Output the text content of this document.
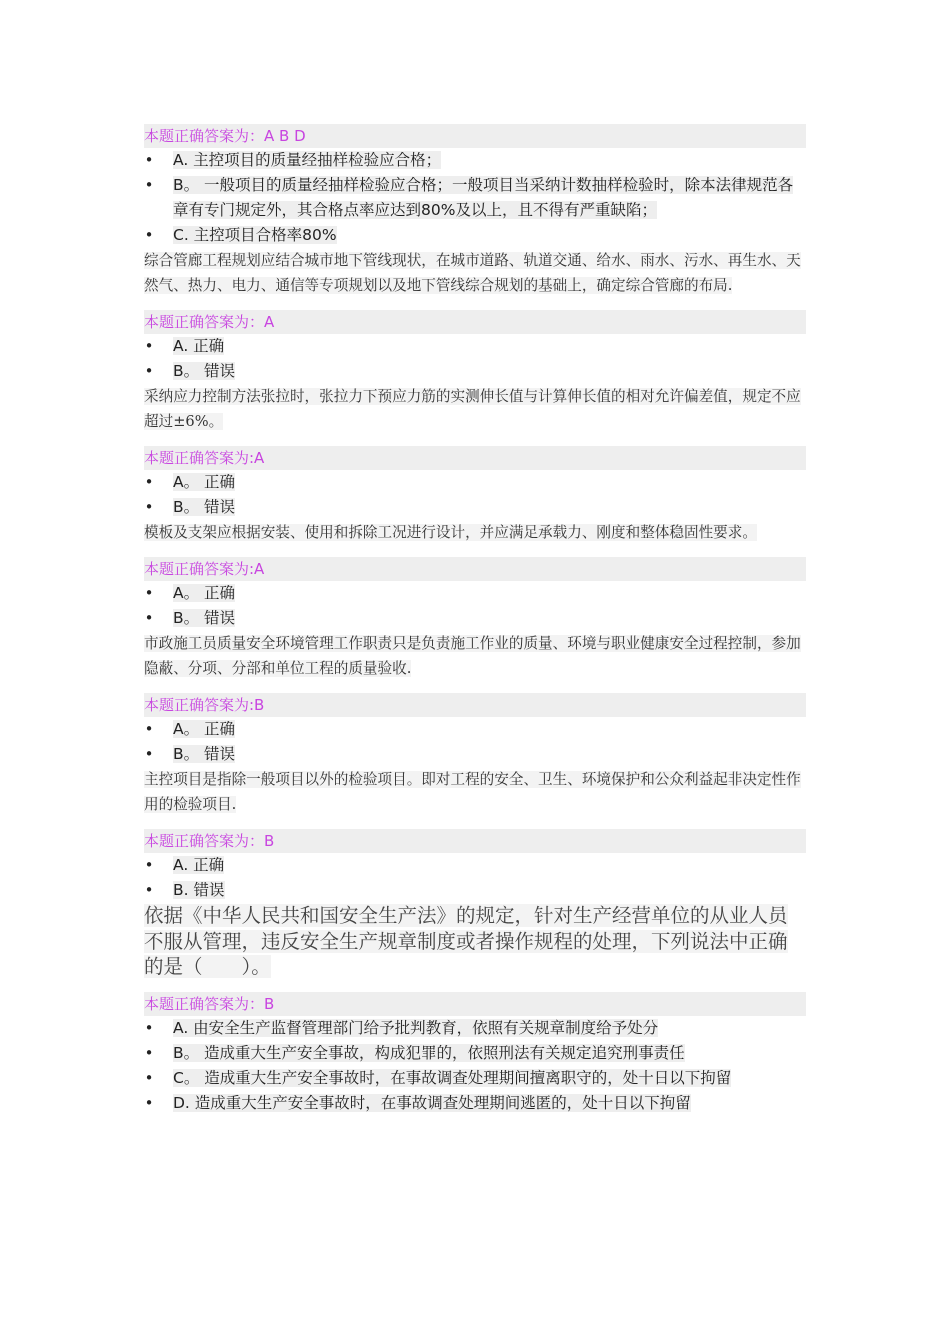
本题正确答案为：A B D
• A. 主控项目的质量经抽样检验应合格；
• B。 一般项目的质量经抽样检验应合格；一般项目当采纳计数抽样检验时，除本法律规范各章有专门规定外，其合格点率应达到80%及以上，且不得有严重缺陷；
• C. 主控项目合格率80%

综合管廊工程规划应结合城市地下管线现状，在城市道路、轨道交通、给水、雨水、污水、再生水、天然气、热力、电力、通信等专项规划以及地下管线综合规划的基础上，确定综合管廊的布局.

本题正确答案为：A
• A. 正确
• B。 错误

采纳应力控制方法张拉时，张拉力下预应力筋的实测伸长值与计算伸长值的相对允许偏差值，规定不应超过±6%。

本题正确答案为:A
• A。 正确
• B。 错误

模板及支架应根据安装、使用和拆除工况进行设计，并应满足承载力、刚度和整体稳固性要求。

本题正确答案为:A
• A。 正确
• B。 错误

市政施工员质量安全环境管理工作职责只是负责施工作业的质量、环境与职业健康安全过程控制，参加隐蔽、分项、分部和单位工程的质量验收.

本题正确答案为:B
• A。 正确
• B。 错误

主控项目是指除一般项目以外的检验项目。即对工程的安全、卫生、环境保护和公众利益起非决定性作用的检验项目.

本题正确答案为：B
• A. 正确
• B. 错误

依据《中华人民共和国安全生产法》的规定，针对生产经营单位的从业人员不服从管理，违反安全生产规章制度或者操作规程的处理，下列说法中正确的是（　　）。

本题正确答案为：B
• A. 由安全生产监督管理部门给予批判教育，依照有关规章制度给予处分
• B。 造成重大生产安全事故，构成犯罪的，依照刑法有关规定追究刑事责任
• C。 造成重大生产安全事故时，在事故调查处理期间擅离职守的，处十日以下拘留
• D. 造成重大生产安全事故时，在事故调查处理期间逃匿的，处十日以下拘留
